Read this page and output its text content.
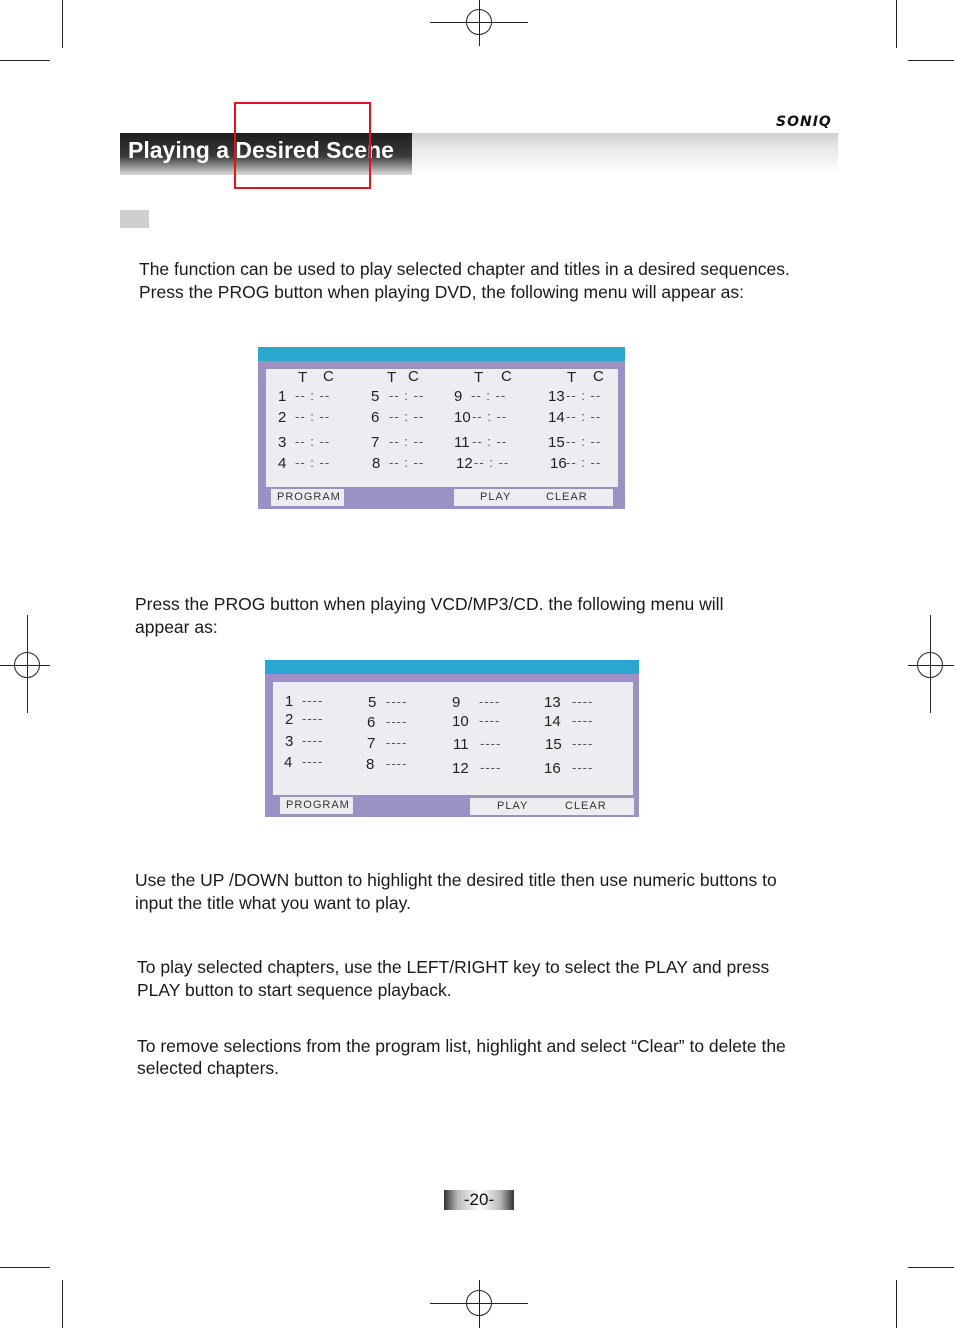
SONIQ
Playing a Desired Scene
The function can be used to play selected chapter and titles in a desired sequences.
Press the PROG button when playing DVD, the following menu will appear as:
T C	T C	T C	T C
1 -- : --
2 -- : --
3 -- : --
4 -- : --
5 -- : --
6 -- : --
7 -- : --
8 -- : --
9 -- : --
10 -- : --
11 -- : --
12 -- : --
13 -- : --
14 -- : --
15 -- : --
16 -- : --
PROGRAM	PLAY	CLEAR
Press the PROG button when playing VCD/MP3/CD. the following menu will
appear as:
1 ----
2 ----
3 ----
4 ----
5 ----
6 ----
7 ----
8 ----
9 ----
10 ----
11 ----
12 ----
13 ----
14 ----
15 ----
16 ----
PROGRAM	PLAY	CLEAR
Use the UP /DOWN button to highlight the desired title then use numeric buttons to
input the title what you want to play.
To play selected chapters, use the LEFT/RIGHT key to select the PLAY and press
PLAY button to start sequence playback.
To remove selections from the program list, highlight and select “Clear” to delete the
selected chapters.
-20-
